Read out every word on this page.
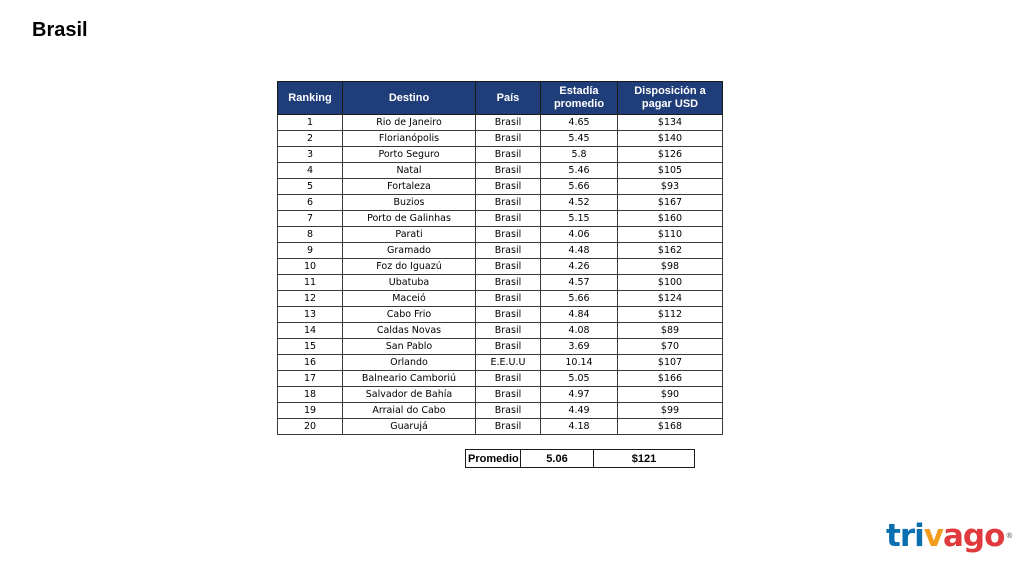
Brasil
Ranking	Destino	País	Estadía promedio	Disposición a pagar USD
1	Rio de Janeiro	Brasil	4.65	$134
2	Florianópolis	Brasil	5.45	$140
3	Porto Seguro	Brasil	5.8	$126
4	Natal	Brasil	5.46	$105
5	Fortaleza	Brasil	5.66	$93
6	Buzios	Brasil	4.52	$167
7	Porto de Galinhas	Brasil	5.15	$160
8	Parati	Brasil	4.06	$110
9	Gramado	Brasil	4.48	$162
10	Foz do Iguazú	Brasil	4.26	$98
11	Ubatuba	Brasil	4.57	$100
12	Maceió	Brasil	5.66	$124
13	Cabo Frio	Brasil	4.84	$112
14	Caldas Novas	Brasil	4.08	$89
15	San Pablo	Brasil	3.69	$70
16	Orlando	E.E.U.U	10.14	$107
17	Balneario Camboriú	Brasil	5.05	$166
18	Salvador de Bahía	Brasil	4.97	$90
19	Arraial do Cabo	Brasil	4.49	$99
20	Guarujá	Brasil	4.18	$168
Promedio	5.06	$121
trivago®
